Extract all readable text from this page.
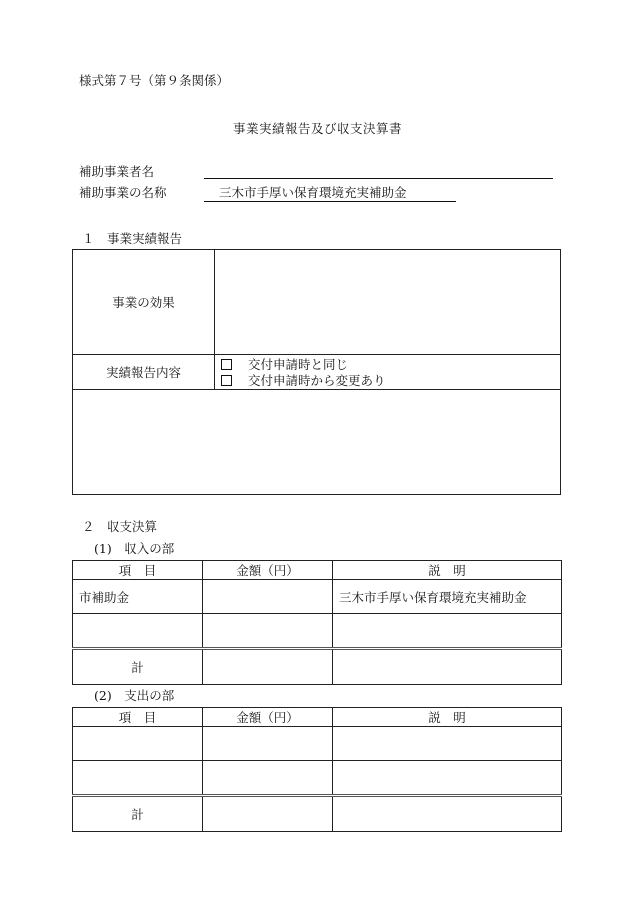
様式第７号（第９条関係）
事業実績報告及び収支決算書
補助事業者名
補助事業の名称	三木市手厚い保育環境充実補助金
１　事業実績報告
事業の効果	
実績報告内容	交付申請時と同じ
交付申請時から変更あり

２　収支決算
(1)　収入の部
項　目	金額（円）	説　明
市補助金		三木市手厚い保育環境充実補助金

計		
(2)　支出の部
項　目	金額（円）	説　明

計		
